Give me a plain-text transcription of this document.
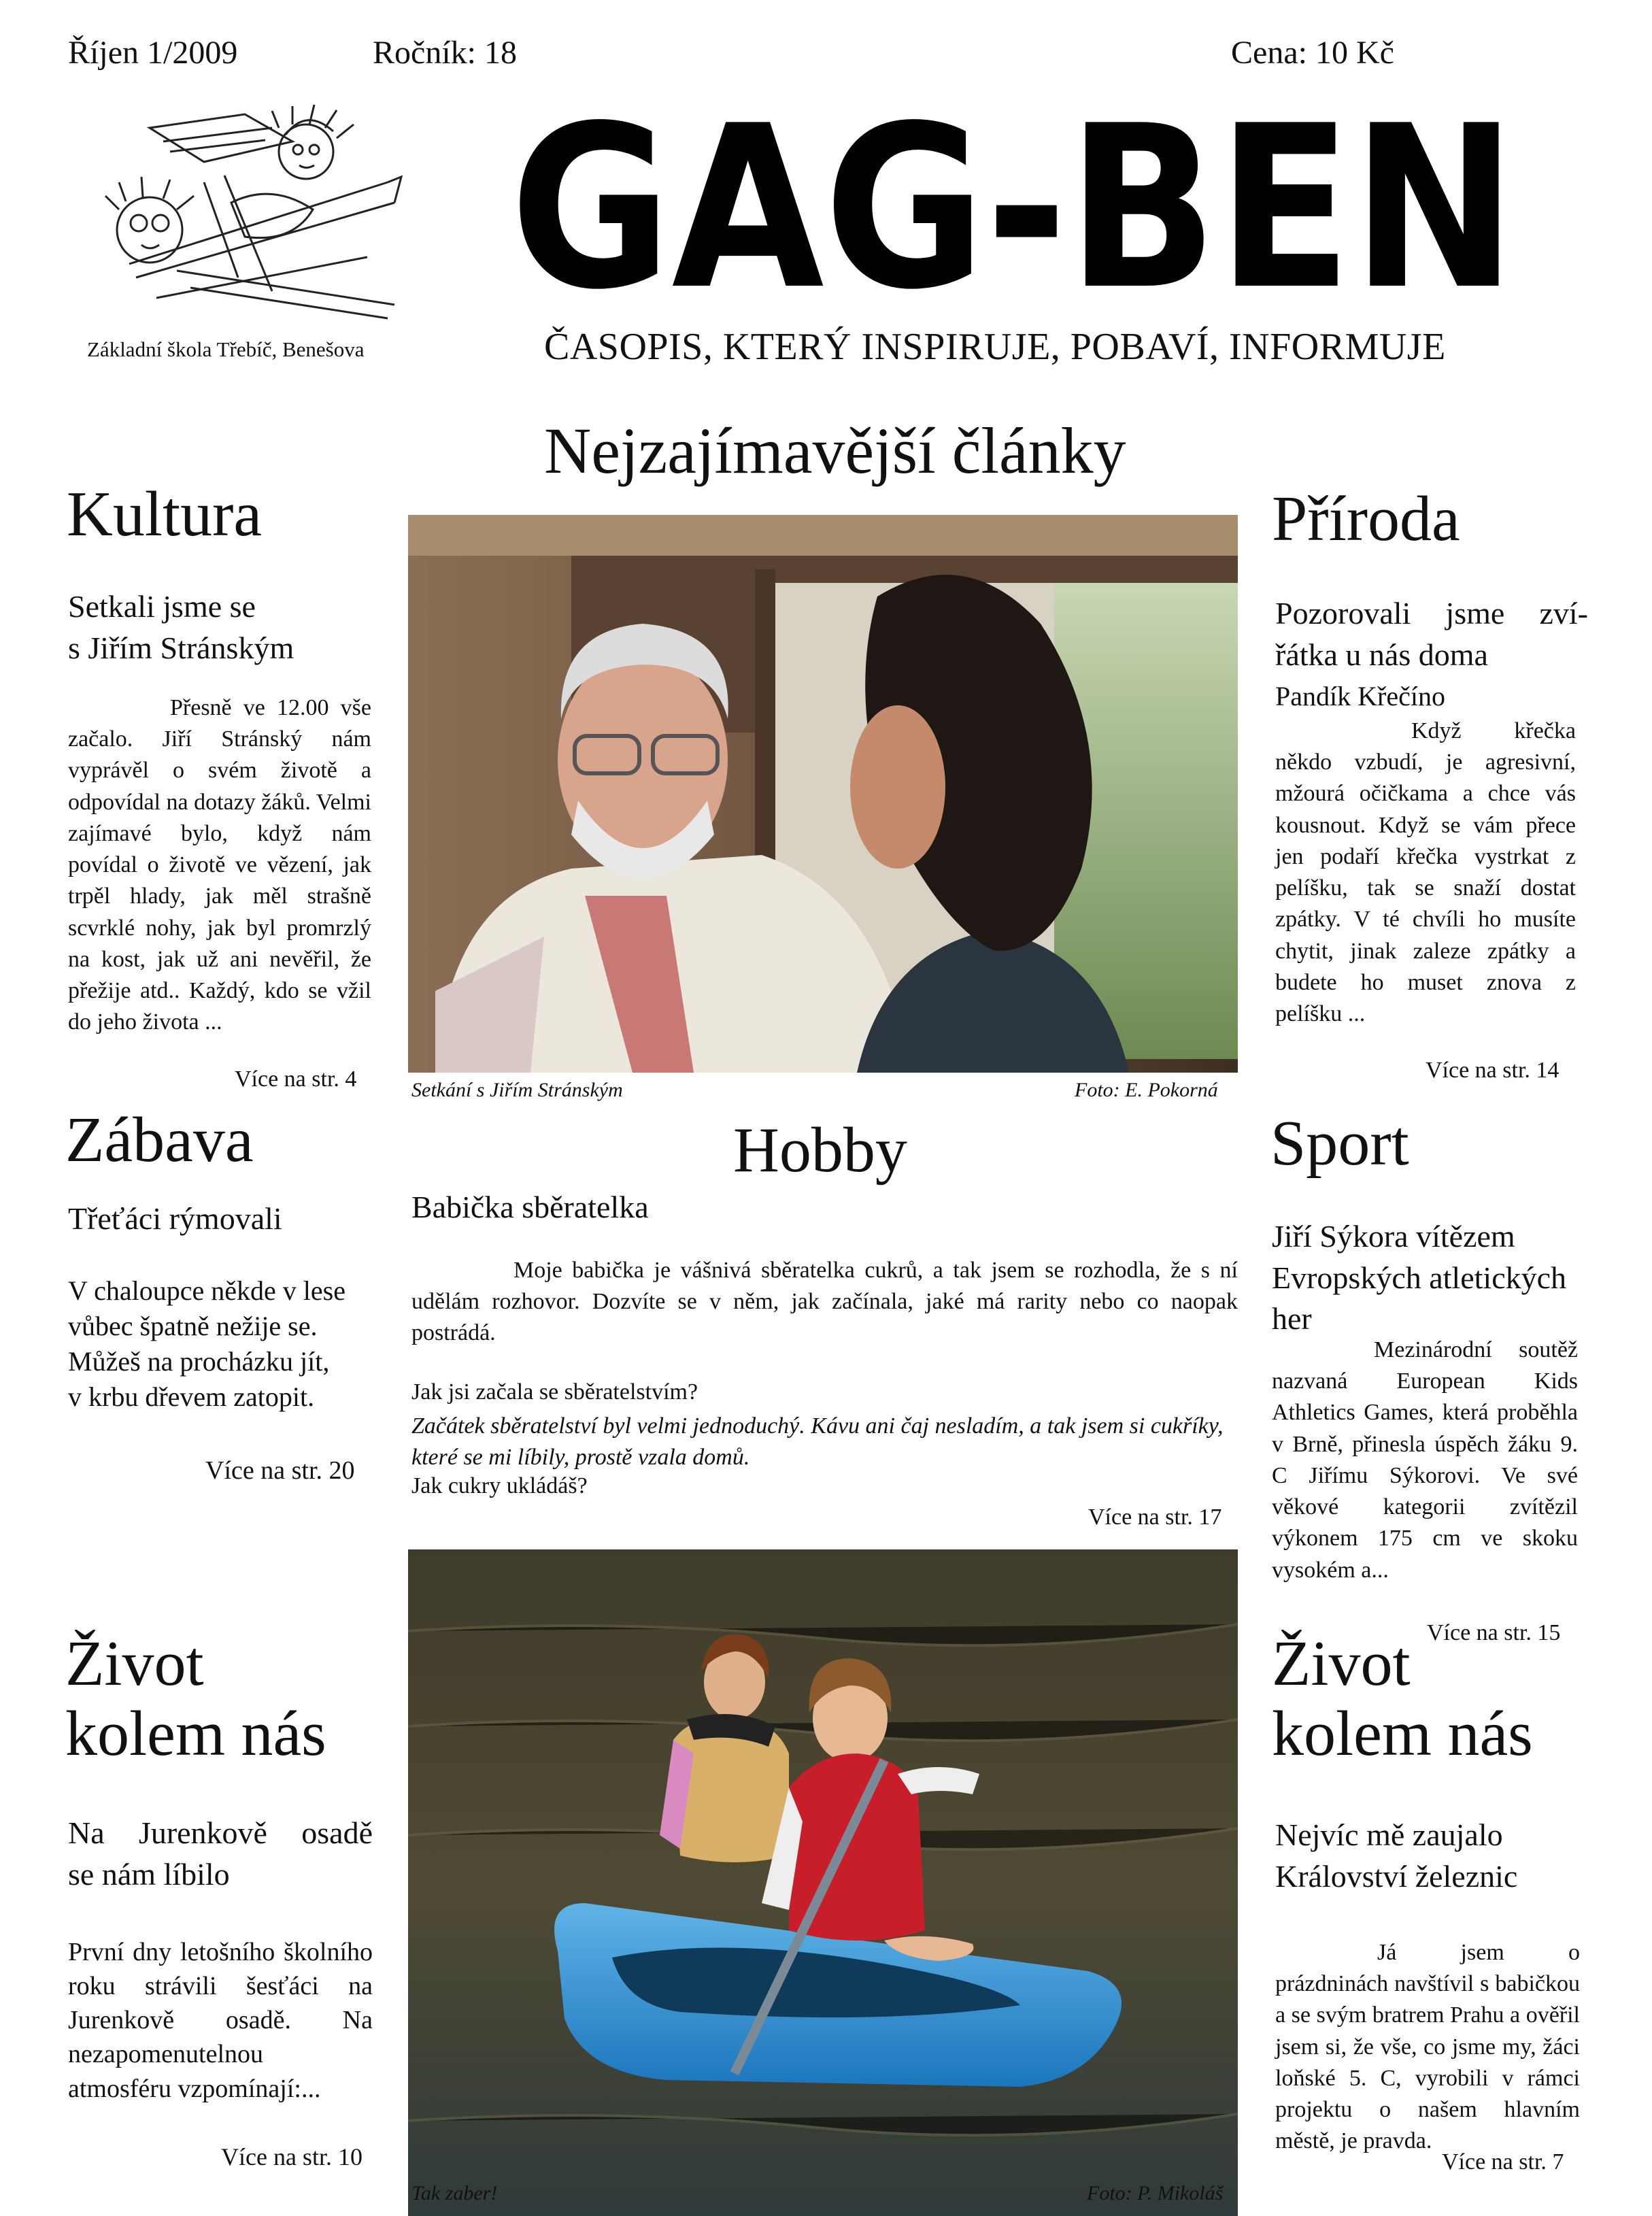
Říjen 1/2009	Ročník: 18	Cena: 10 Kč
Základní škola Třebíč, Benešova
GAG-BEN
ČASOPIS, KTERÝ INSPIRUJE, POBAVÍ, INFORMUJE
Nejzajímavější články
Kultura
Setkali jsme se
s Jiřím Stránským
Přesně ve 12.00 vše začalo. Jiří Stránský nám vyprávěl o svém životě a odpovídal na dotazy žáků. Velmi zajímavé bylo, když nám povídal o životě ve vězení, jak trpěl hlady, jak měl strašně scvrklé nohy, jak byl promrzlý na kost, jak už ani nevěřil, že přežije atd.. Každý, kdo se vžil do jeho života ...
Více na str. 4
Zábava
Třeťáci rýmovali
V chaloupce někde v lese
vůbec špatně nežije se.
Můžeš na procházku jít,
v krbu dřevem zatopit.
Více na str. 20
Život
kolem nás
Na Jurenkově osadě
se nám líbilo
První dny letošního školního roku strávili šesťáci na Jurenkově osadě. Na nezapomenutelnou atmosféru vzpomínají:...
Více na str. 10
Setkání s Jiřím Stránským	Foto: E. Pokorná
Hobby
Babička sběratelka
Moje babička je vášnivá sběratelka cukrů, a tak jsem se rozhodla, že s ní udělám rozhovor. Dozvíte se v něm, jak začínala, jaké má rarity nebo co naopak postrádá.
Jak jsi začala se sběratelstvím?
Začátek sběratelství byl velmi jednoduchý. Kávu ani čaj nesladím, a tak jsem si cukříky, které se mi líbily, prostě vzala domů.
Jak cukry ukládáš?
Více na str. 17
Tak zaber!	Foto: P. Mikoláš
Příroda
Pozorovali jsme zví-
řátka u nás doma
Pandík Křečíno
Když křečka někdo vzbudí, je agresivní, mžourá očičkama a chce vás kousnout. Když se vám přece jen podaří křečka vystrkat z pelíšku, tak se snaží dostat zpátky. V té chvíli ho musíte chytit, jinak zaleze zpátky a budete ho muset znova z pelíšku ...
Více na str. 14
Sport
Jiří Sýkora vítězem
Evropských atletických
her
Mezinárodní soutěž nazvaná European Kids Athletics Games, která proběhla v Brně, přinesla úspěch žáku 9. C Jiřímu Sýkorovi. Ve své věkové kategorii zvítězil výkonem 175 cm ve skoku vysokém a...
Více na str. 15
Život
kolem nás
Nejvíc mě zaujalo
Království železnic
Já jsem o prázdninách navštívil s babičkou a se svým bratrem Prahu a ověřil jsem si, že vše, co jsme my, žáci loňské 5. C, vyrobili v rámci projektu o našem hlavním městě, je pravda.
Více na str. 7
